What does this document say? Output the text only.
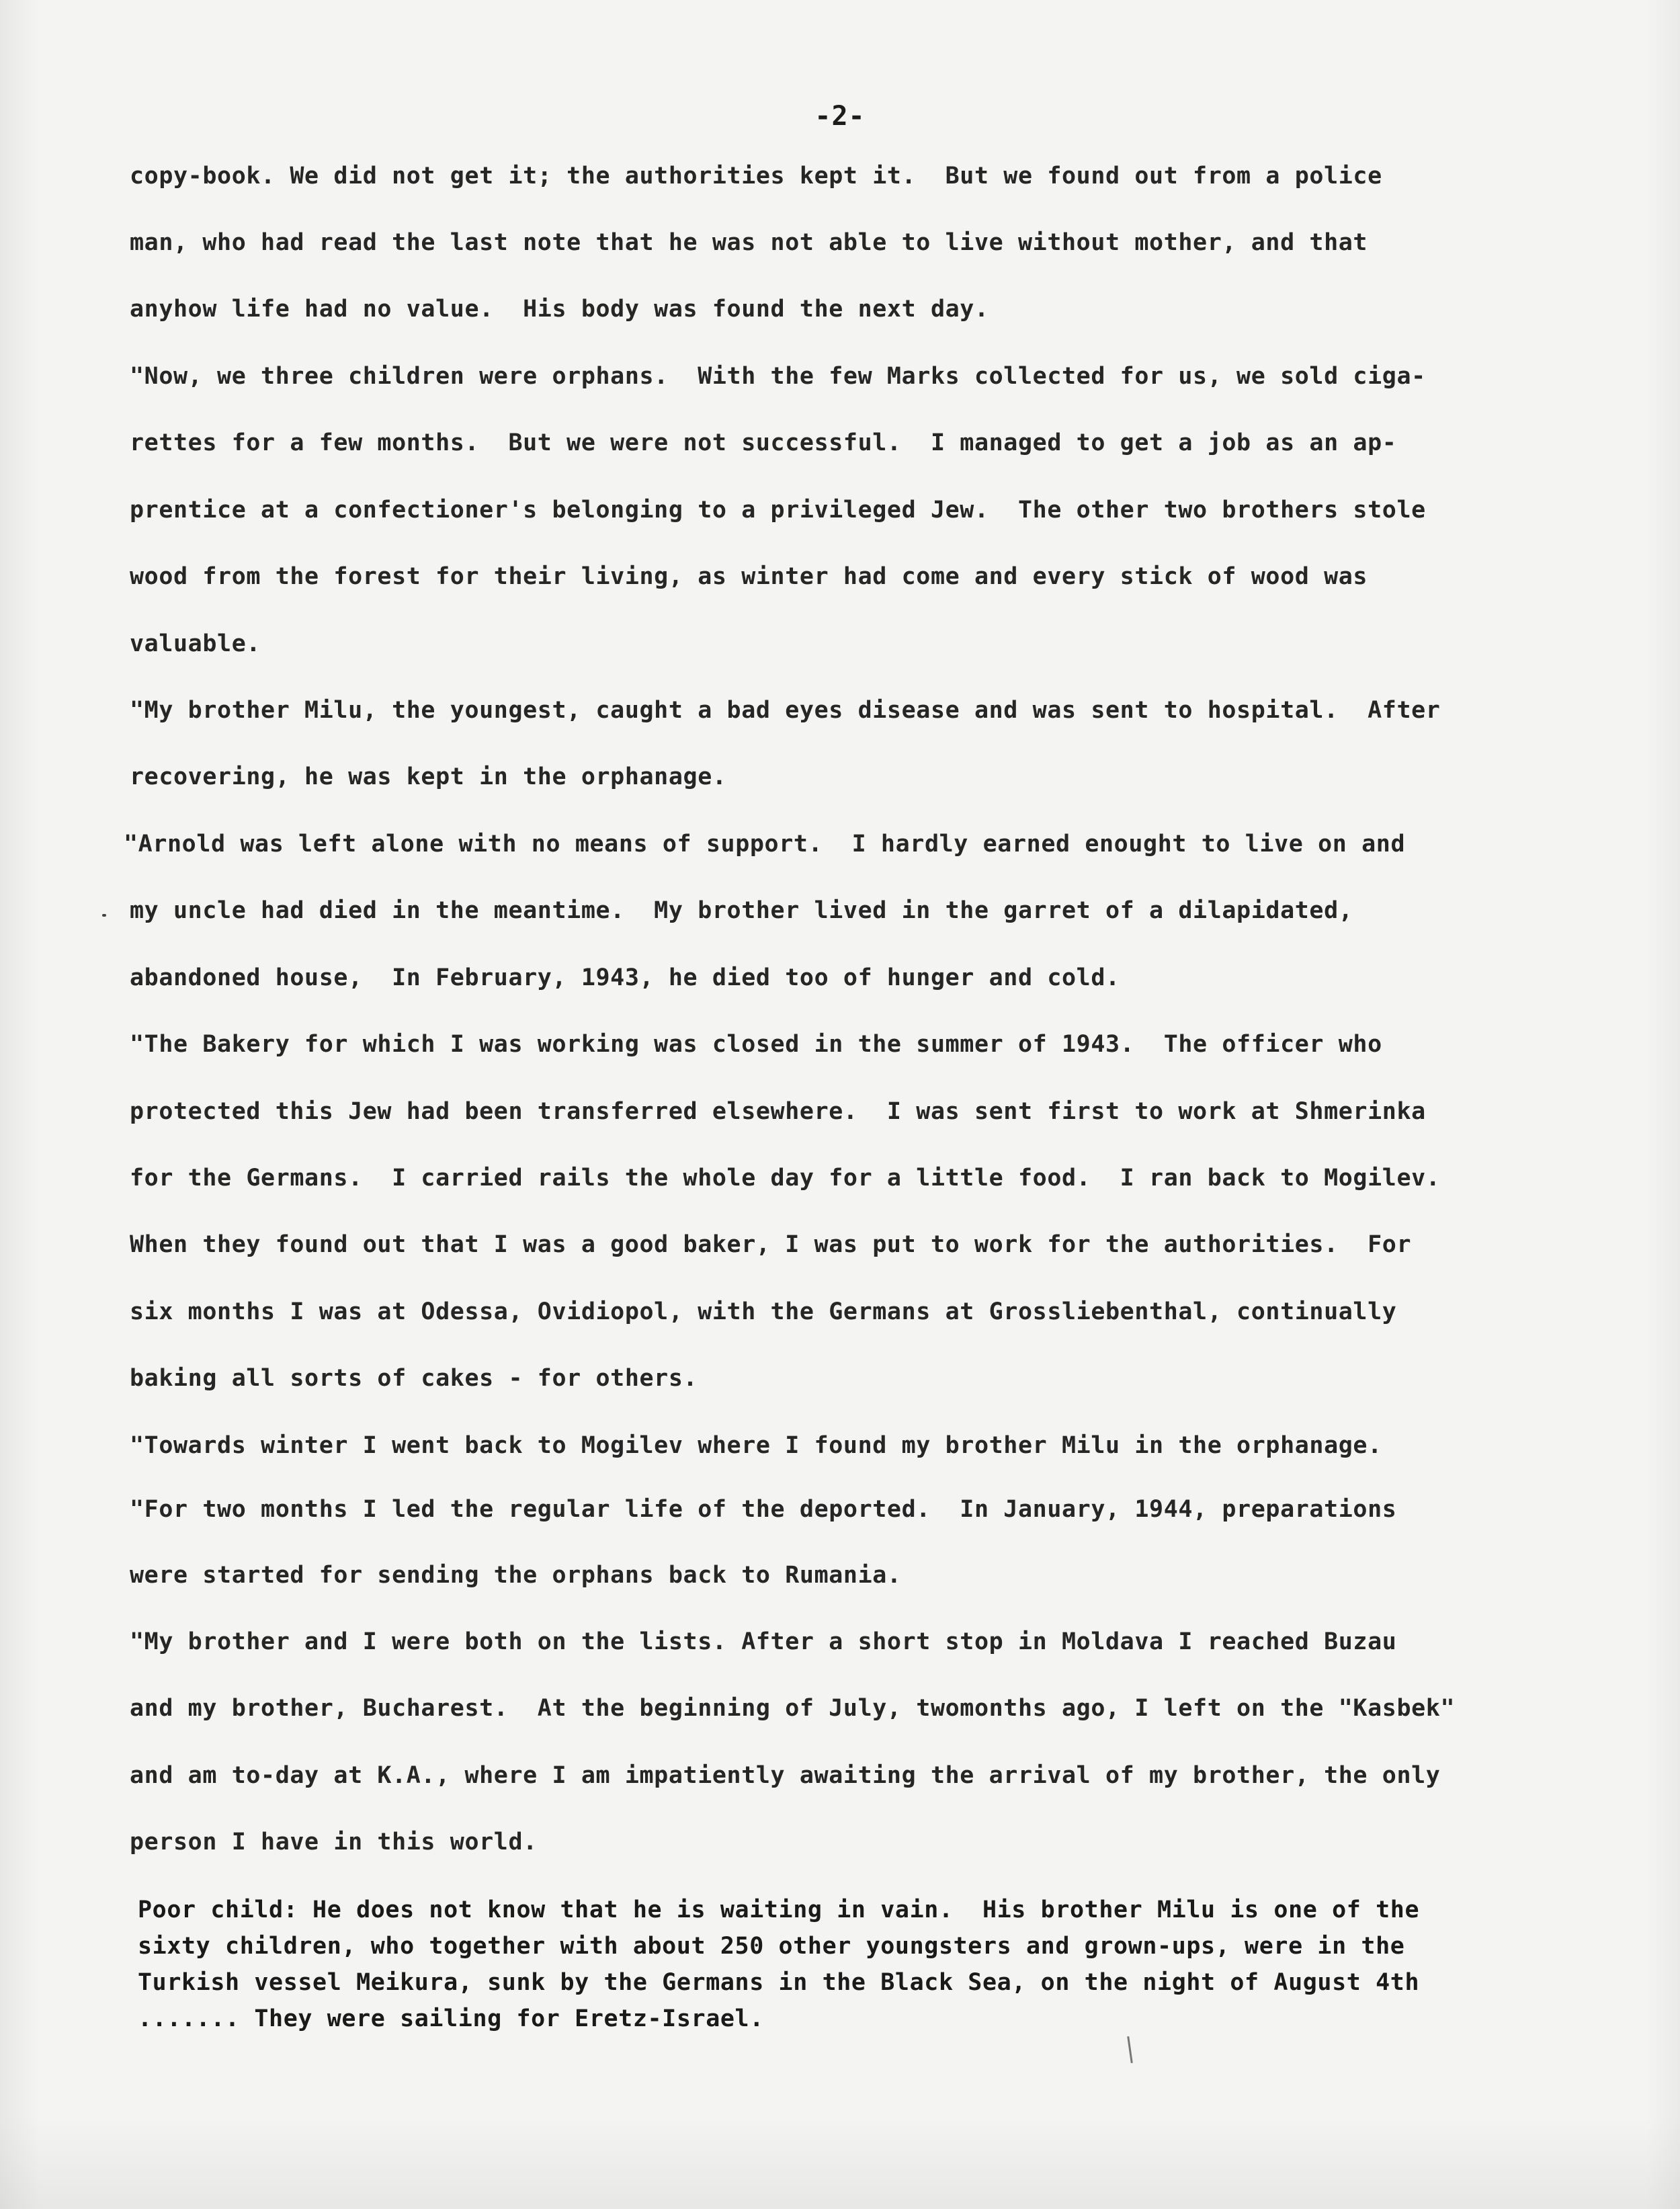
-2-
copy-book. We did not get it; the authorities kept it.  But we found out from a police
man, who had read the last note that he was not able to live without mother, and that
anyhow life had no value.  His body was found the next day.
"Now, we three children were orphans.  With the few Marks collected for us, we sold ciga-
rettes for a few months.  But we were not successful.  I managed to get a job as an ap-
prentice at a confectioner's belonging to a privileged Jew.  The other two brothers stole
wood from the forest for their living, as winter had come and every stick of wood was
valuable.
"My brother Milu, the youngest, caught a bad eyes disease and was sent to hospital.  After
recovering, he was kept in the orphanage.
"Arnold was left alone with no means of support.  I hardly earned enought to live on and
my uncle had died in the meantime.  My brother lived in the garret of a dilapidated,
abandoned house,  In February, 1943, he died too of hunger and cold.
"The Bakery for which I was working was closed in the summer of 1943.  The officer who
protected this Jew had been transferred elsewhere.  I was sent first to work at Shmerinka
for the Germans.  I carried rails the whole day for a little food.  I ran back to Mogilev.
When they found out that I was a good baker, I was put to work for the authorities.  For
six months I was at Odessa, Ovidiopol, with the Germans at Grossliebenthal, continually
baking all sorts of cakes - for others.
"Towards winter I went back to Mogilev where I found my brother Milu in the orphanage.
"For two months I led the regular life of the deported.  In January, 1944, preparations
were started for sending the orphans back to Rumania.
"My brother and I were both on the lists. After a short stop in Moldava I reached Buzau
and my brother, Bucharest.  At the beginning of July, twomonths ago, I left on the "Kasbek"
and am to-day at K.A., where I am impatiently awaiting the arrival of my brother, the only
person I have in this world.
Poor child: He does not know that he is waiting in vain.  His brother Milu is one of the
sixty children, who together with about 250 other youngsters and grown-ups, were in the
Turkish vessel Meikura, sunk by the Germans in the Black Sea, on the night of August 4th
....... They were sailing for Eretz-Israel.
